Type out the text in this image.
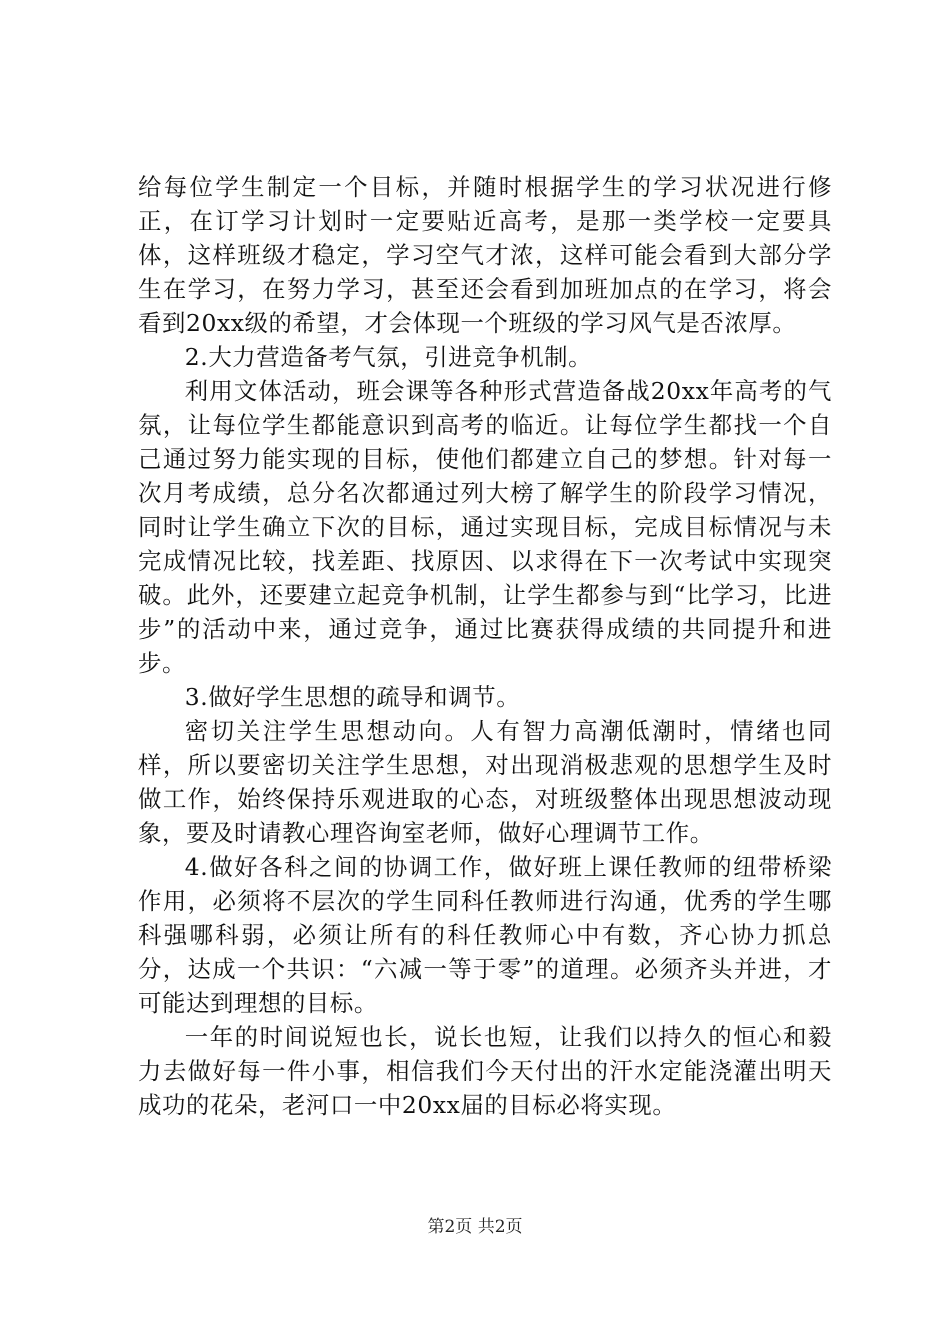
给每位学生制定一个目标，并随时根据学生的学习状况进行修正，在订学习计划时一定要贴近高考，是那一类学校一定要具体，这样班级才稳定，学习空气才浓，这样可能会看到大部分学生在学习，在努力学习，甚至还会看到加班加点的在学习，将会看到20xx级的希望，才会体现一个班级的学习风气是否浓厚。

2.大力营造备考气氛，引进竞争机制。

利用文体活动，班会课等各种形式营造备战20xx年高考的气氛，让每位学生都能意识到高考的临近。让每位学生都找一个自己通过努力能实现的目标，使他们都建立自己的梦想。针对每一次月考成绩，总分名次都通过列大榜了解学生的阶段学习情况，同时让学生确立下次的目标，通过实现目标，完成目标情况与未完成情况比较，找差距、找原因、以求得在下一次考试中实现突破。此外，还要建立起竞争机制，让学生都参与到“比学习，比进步”的活动中来，通过竞争，通过比赛获得成绩的共同提升和进步。

3.做好学生思想的疏导和调节。

密切关注学生思想动向。人有智力高潮低潮时，情绪也同样，所以要密切关注学生思想，对出现消极悲观的思想学生及时做工作，始终保持乐观进取的心态，对班级整体出现思想波动现象，要及时请教心理咨询室老师，做好心理调节工作。

4.做好各科之间的协调工作，做好班上课任教师的纽带桥梁作用，必须将不层次的学生同科任教师进行沟通，优秀的学生哪科强哪科弱，必须让所有的科任教师心中有数，齐心协力抓总分，达成一个共识：“六减一等于零”的道理。必须齐头并进，才可能达到理想的目标。

一年的时间说短也长，说长也短，让我们以持久的恒心和毅力去做好每一件小事，相信我们今天付出的汗水定能浇灌出明天成功的花朵，老河口一中20xx届的目标必将实现。

第2页 共2页
